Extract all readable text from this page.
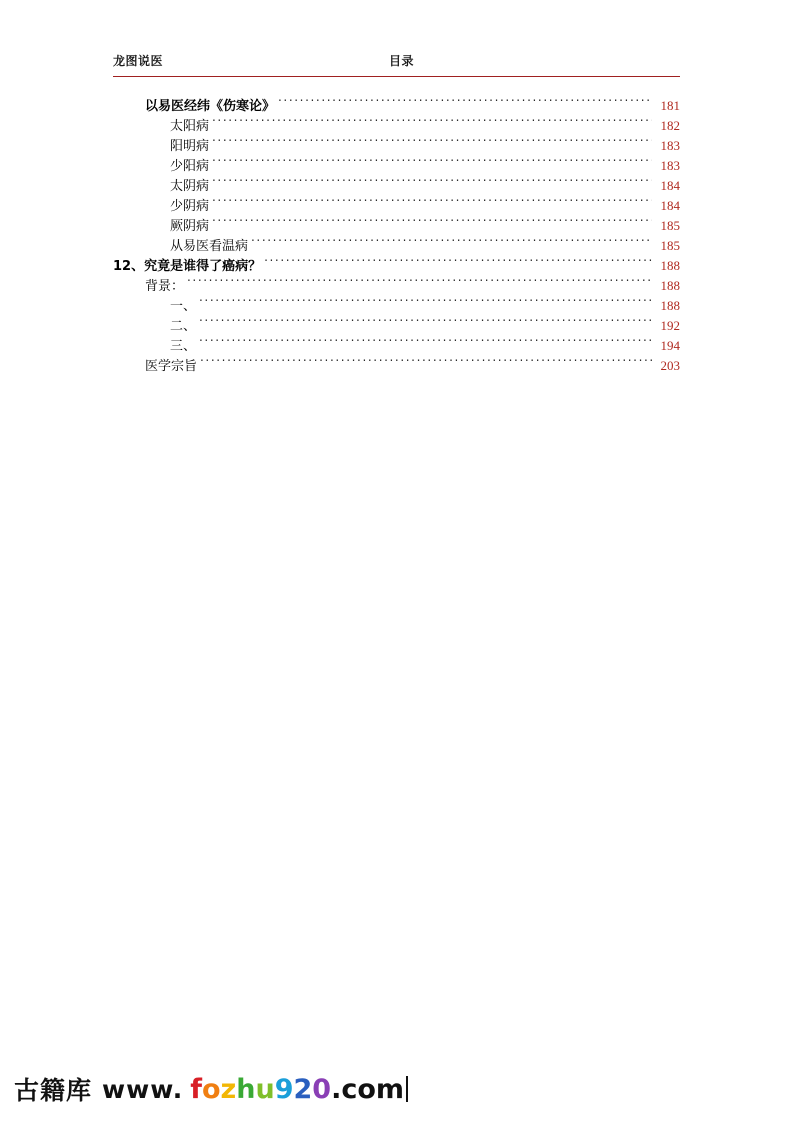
龙图说医	目录
以易医经纬《伤寒论》 .....	181
太阳病 .....	182
阳明病 .....	183
少阳病 .....	183
太阴病 .....	184
少阴病 .....	184
厥阴病 .....	185
从易医看温病 .....	185
12、究竟是谁得了癌病？ .....	188
背景： .....	188
一、 .....	188
二、 .....	192
三、 .....	194
医学宗旨 .....	203
古籍库 www. fozhu920.com
